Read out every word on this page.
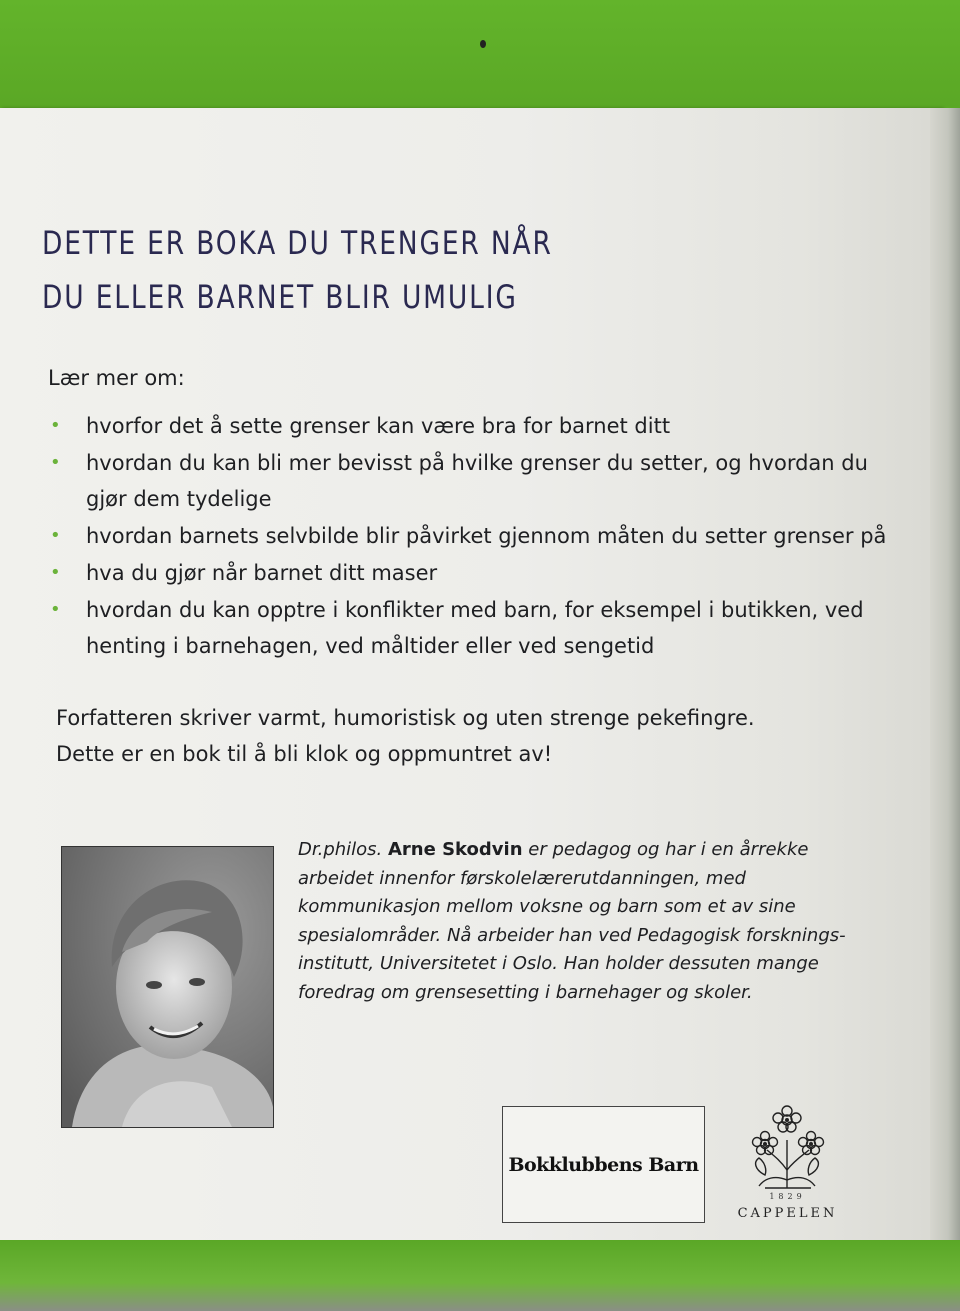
DETTE ER BOKA DU TRENGER NÅR
DU ELLER BARNET BLIR UMULIG
Lær mer om:
• hvorfor det å sette grenser kan være bra for barnet ditt
• hvordan du kan bli mer bevisst på hvilke grenser du setter, og hvordan du gjør dem tydelige
• hvordan barnets selvbilde blir påvirket gjennom måten du setter grenser på
• hva du gjør når barnet ditt maser
• hvordan du kan opptre i konflikter med barn, for eksempel i butikken, ved henting i barnehagen, ved måltider eller ved sengetid
Forfatteren skriver varmt, humoristisk og uten strenge pekefingre.
Dette er en bok til å bli klok og oppmuntret av!
Dr.philos. Arne Skodvin er pedagog og har i en årrekke
arbeidet innenfor førskolelærerutdanningen, med
kommunikasjon mellom voksne og barn som et av sine
spesialområder. Nå arbeider han ved Pedagogisk forsknings-
institutt, Universitetet i Oslo. Han holder dessuten mange
foredrag om grensesetting i barnehager og skoler.
Bokklubbens Barn
1829
CAPPELEN
